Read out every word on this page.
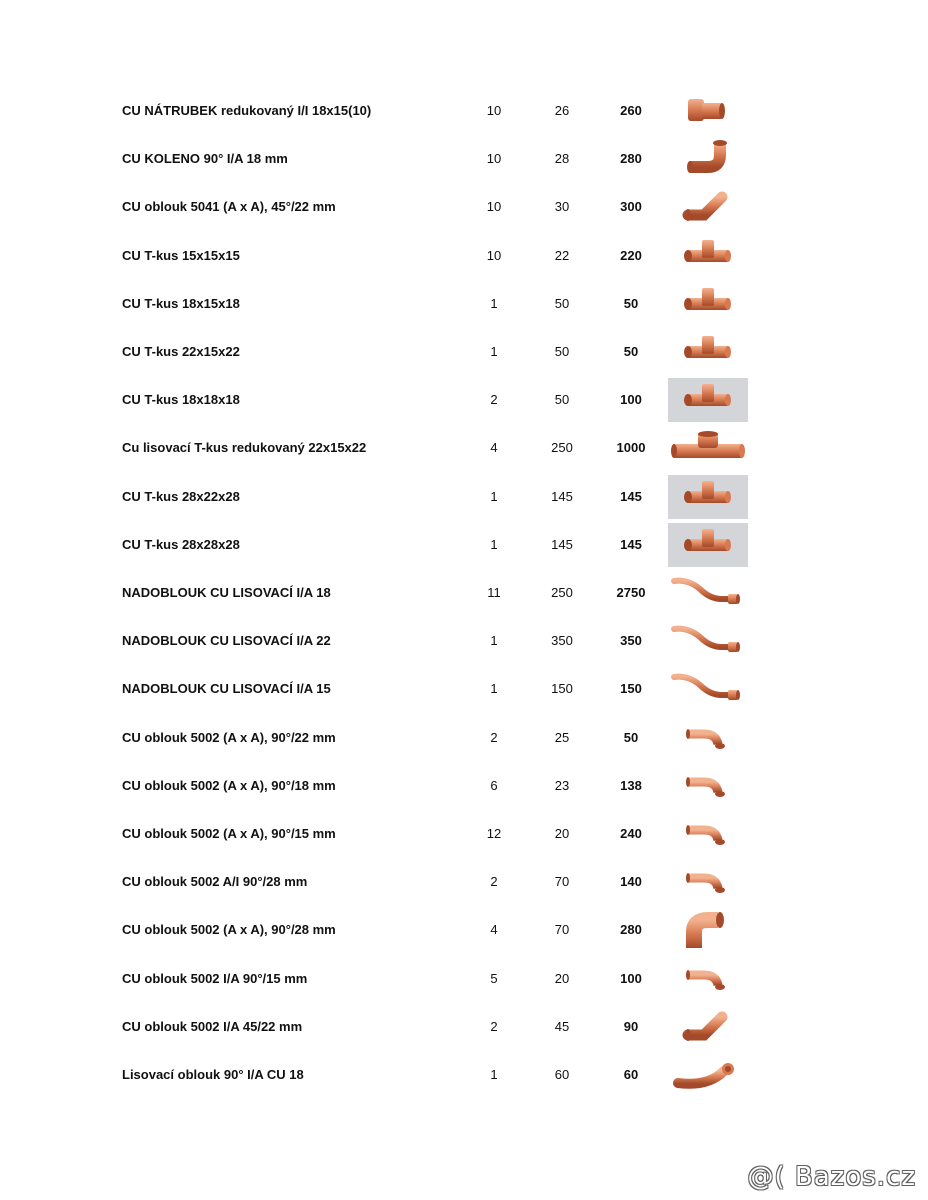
CU NÁTRUBEK redukovaný I/I 18x15(10)	10	26	260
CU KOLENO 90° I/A 18 mm	10	28	280
CU oblouk 5041 (A x A), 45°/22 mm	10	30	300
CU T-kus 15x15x15	10	22	220
CU T-kus 18x15x18	1	50	50
CU T-kus 22x15x22	1	50	50
CU T-kus 18x18x18	2	50	100
Cu lisovací T-kus redukovaný 22x15x22	4	250	1000
CU T-kus 28x22x28	1	145	145
CU T-kus 28x28x28	1	145	145
NADOBLOUK CU LISOVACÍ I/A 18	11	250	2750
NADOBLOUK CU LISOVACÍ I/A 22	1	350	350
NADOBLOUK CU LISOVACÍ I/A 15	1	150	150
CU oblouk 5002 (A x A), 90°/22 mm	2	25	50
CU oblouk 5002 (A x A), 90°/18 mm	6	23	138
CU oblouk 5002 (A x A), 90°/15 mm	12	20	240
CU oblouk 5002 A/I 90°/28 mm	2	70	140
CU oblouk 5002 (A x A), 90°/28 mm	4	70	280
CU oblouk 5002 I/A 90°/15 mm	5	20	100
CU oblouk 5002 I/A 45/22 mm	2	45	90
Lisovací oblouk 90° I/A CU 18	1	60	60
@( Bazos.cz
